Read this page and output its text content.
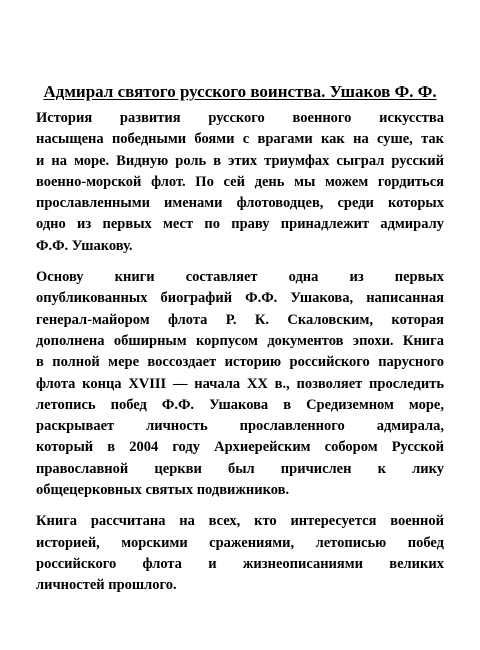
Адмирал святого русского воинства. Ушаков Ф. Ф.

История развития русского военного искусства
насыщена победными боями с врагами как на суше, так
и на море. Видную роль в этих триумфах сыграл русский
военно-морской флот. По сей день мы можем гордиться
прославленными именами флотоводцев, среди которых
одно из первых мест по праву принадлежит адмиралу
Ф.Ф. Ушакову.

Основу книги составляет одна из первых
опубликованных биографий Ф.Ф. Ушакова, написанная
генерал-майором флота Р. К. Скаловским, которая
дополнена обширным корпусом документов эпохи. Книга
в полной мере воссоздает историю российского парусного
флота конца XVIII — начала XX в., позволяет проследить
летопись побед Ф.Ф. Ушакова в Средиземном море,
раскрывает личность прославленного адмирала,
который в 2004 году Архиерейским собором Русской
православной церкви был причислен к лику
общецерковных святых подвижников.

Книга рассчитана на всех, кто интересуется военной
историей, морскими сражениями, летописью побед
российского флота и жизнеописаниями великих
личностей прошлого.
